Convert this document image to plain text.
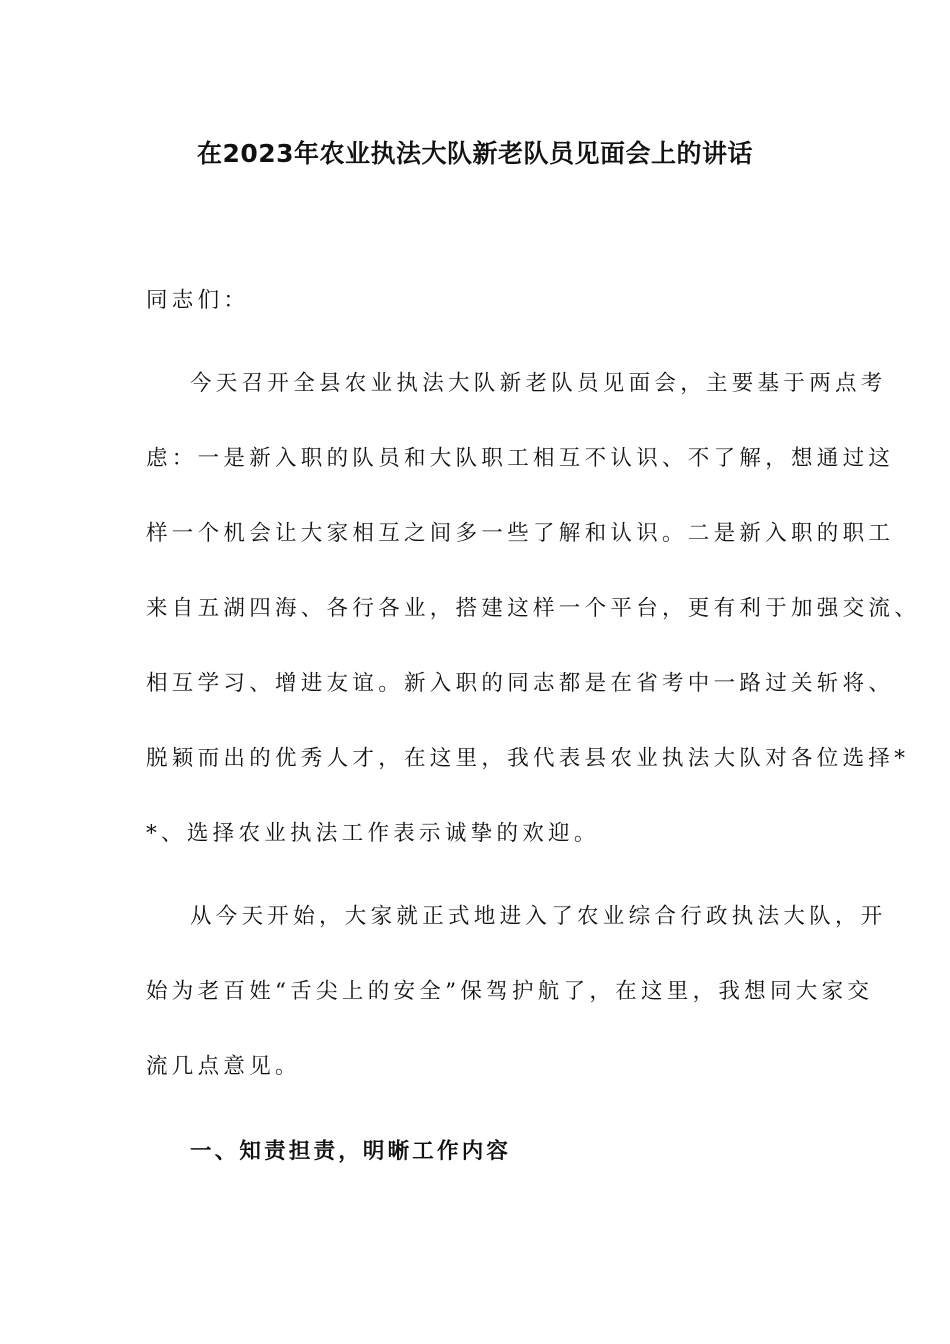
在2023年农业执法大队新老队员见面会上的讲话
同志们：
今天召开全县农业执法大队新老队员见面会，主要基于两点考
虑：一是新入职的队员和大队职工相互不认识、不了解，想通过这
样一个机会让大家相互之间多一些了解和认识。二是新入职的职工
来自五湖四海、各行各业，搭建这样一个平台，更有利于加强交流、
相互学习、增进友谊。新入职的同志都是在省考中一路过关斩将、
脱颖而出的优秀人才，在这里，我代表县农业执法大队对各位选择*
*、选择农业执法工作表示诚挚的欢迎。
从今天开始，大家就正式地进入了农业综合行政执法大队，开
始为老百姓“舌尖上的安全”保驾护航了，在这里，我想同大家交
流几点意见。
一、知责担责，明晰工作内容
